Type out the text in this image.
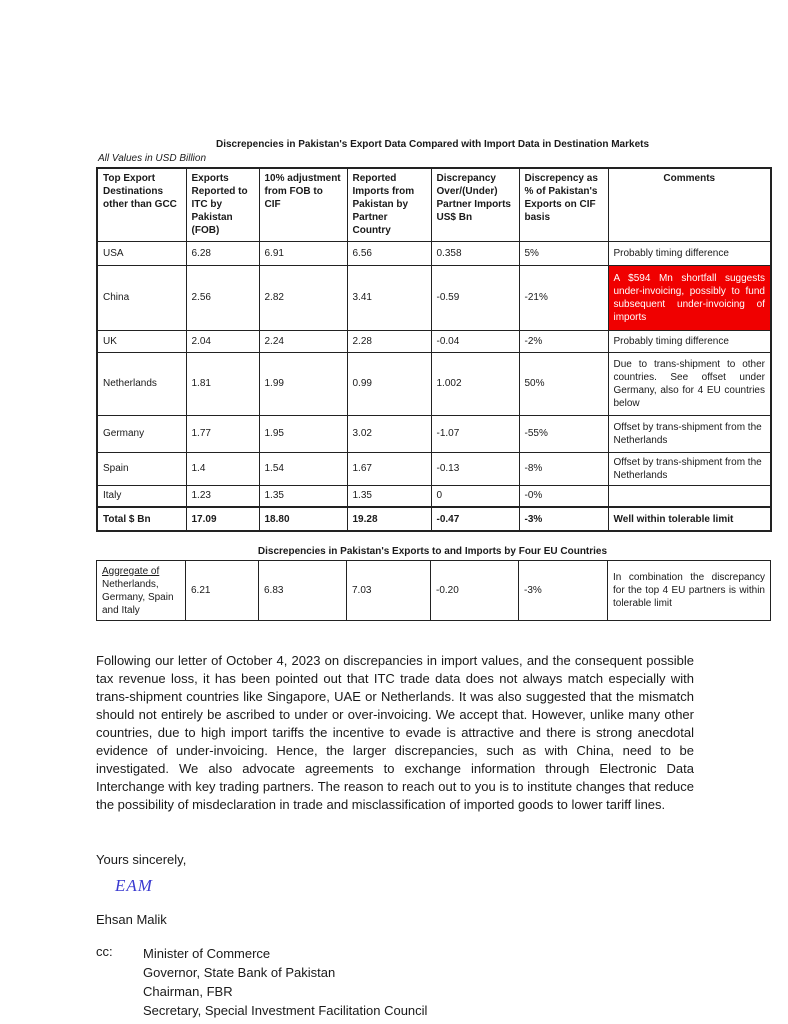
Discrepencies in Pakistan's Export Data Compared with Import Data in Destination Markets
All Values in USD Billion
Top Export Destinations other than GCC	Exports Reported to ITC by Pakistan (FOB)	10% adjustment from FOB to CIF	Reported Imports from Pakistan by Partner Country	Discrepancy Over/(Under) Partner Imports US$ Bn	Discrepency as % of Pakistan's Exports on CIF basis	Comments
USA	6.28	6.91	6.56	0.358	5%	Probably timing difference
China	2.56	2.82	3.41	-0.59	-21%	A $594 Mn shortfall suggests under-invoicing, possibly to fund subsequent under-invoicing of imports
UK	2.04	2.24	2.28	-0.04	-2%	Probably timing difference
Netherlands	1.81	1.99	0.99	1.002	50%	Due to trans-shipment to other countries. See offset under Germany, also for 4 EU countries below
Germany	1.77	1.95	3.02	-1.07	-55%	Offset by trans-shipment from the Netherlands
Spain	1.4	1.54	1.67	-0.13	-8%	Offset by trans-shipment from the Netherlands
Italy	1.23	1.35	1.35	0	-0%	
Total $ Bn	17.09	18.80	19.28	-0.47	-3%	Well within tolerable limit
Discrepencies in Pakistan's Exports to and Imports by Four EU Countries
Aggregate of Netherlands, Germany, Spain and Italy	6.21	6.83	7.03	-0.20	-3%	In combination the discrepancy for the top 4 EU partners is within tolerable limit
Following our letter of October 4, 2023 on discrepancies in import values, and the consequent possible tax revenue loss, it has been pointed out that ITC trade data does not always match especially with trans-shipment countries like Singapore, UAE or Netherlands. It was also suggested that the mismatch should not entirely be ascribed to under or over-invoicing. We accept that. However, unlike many other countries, due to high import tariffs the incentive to evade is attractive and there is strong anecdotal evidence of under-invoicing. Hence, the larger discrepancies, such as with China, need to be investigated. We also advocate agreements to exchange information through Electronic Data Interchange with key trading partners. The reason to reach out to you is to institute changes that reduce the possibility of misdeclaration in trade and misclassification of imported goods to lower tariff lines.
Yours sincerely,
EAM
Ehsan Malik
cc: Minister of Commerce
Governor, State Bank of Pakistan
Chairman, FBR
Secretary, Special Investment Facilitation Council
